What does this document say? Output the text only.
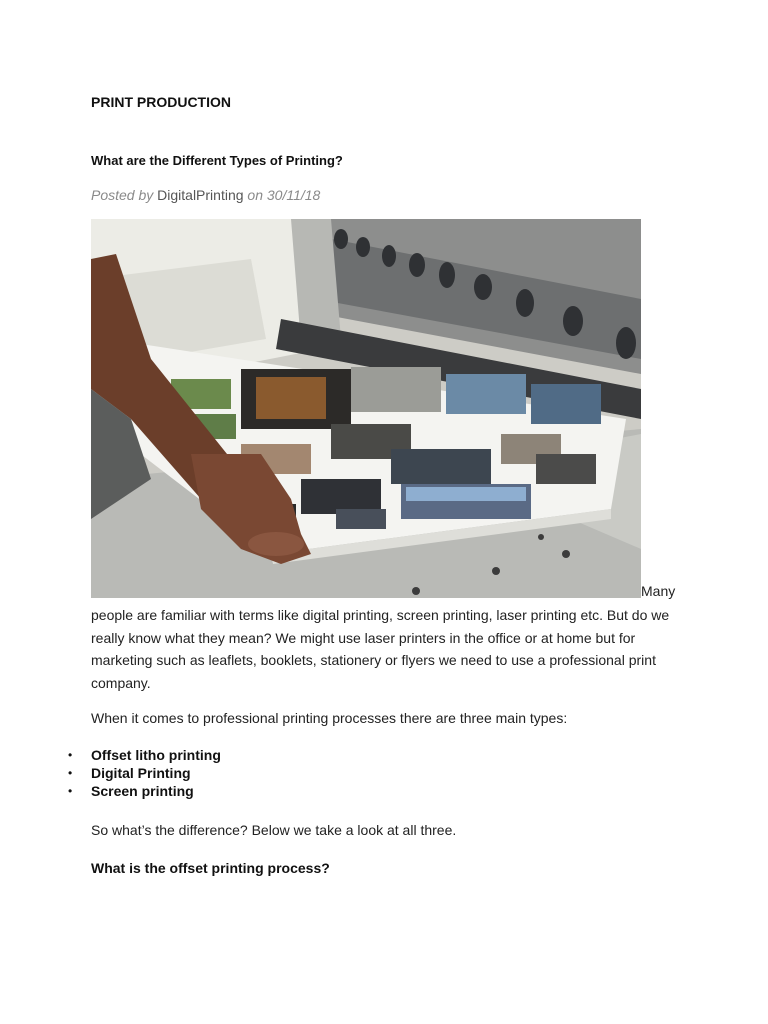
PRINT PRODUCTION
What are the Different Types of Printing?
Posted by DigitalPrinting on 30/11/18
Many
people are familiar with terms like digital printing, screen printing, laser printing etc. But do we really know what they mean? We might use laser printers in the office or at home but for marketing such as leaflets, booklets, stationery or flyers we need to use a professional print company.
When it comes to professional printing processes there are three main types:
• Offset litho printing
• Digital Printing
• Screen printing
So what’s the difference? Below we take a look at all three.
What is the offset printing process?
